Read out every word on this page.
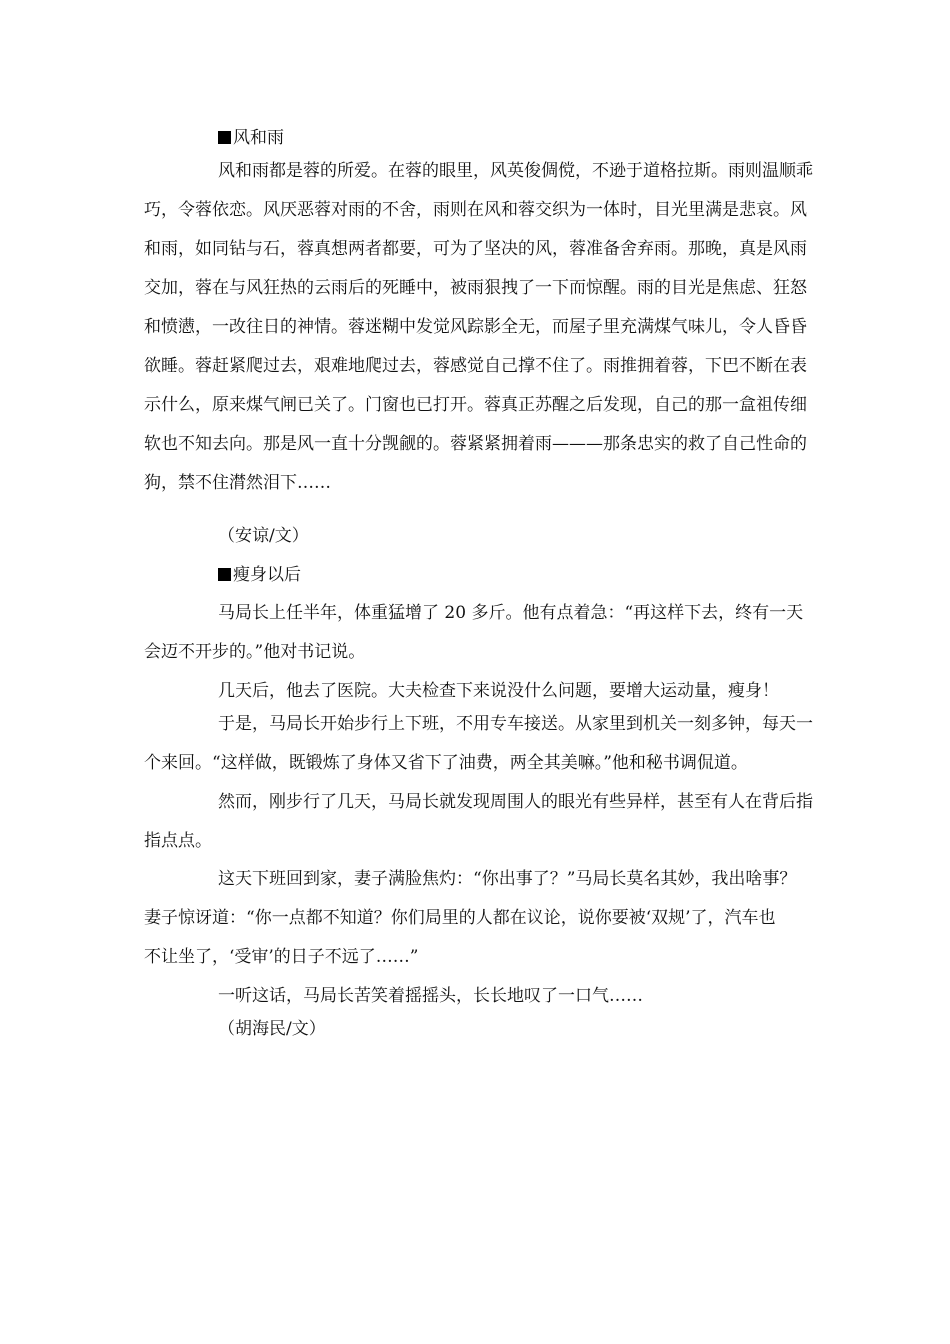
风和雨

风和雨都是蓉的所爱。在蓉的眼里，风英俊倜傥，不逊于道格拉斯。雨则温顺乖

巧，令蓉依恋。风厌恶蓉对雨的不舍，雨则在风和蓉交织为一体时，目光里满是悲哀。风

和雨，如同钻与石，蓉真想两者都要，可为了坚决的风，蓉准备舍弃雨。那晚，真是风雨

交加，蓉在与风狂热的云雨后的死睡中，被雨狠拽了一下而惊醒。雨的目光是焦虑、狂怒

和愤懑，一改往日的神情。蓉迷糊中发觉风踪影全无，而屋子里充满煤气味儿，令人昏昏

欲睡。蓉赶紧爬过去，艰难地爬过去，蓉感觉自己撑不住了。雨推拥着蓉，下巴不断在表

示什么，原来煤气闸已关了。门窗也已打开。蓉真正苏醒之后发现，自己的那一盒祖传细

软也不知去向。那是风一直十分觊觎的。蓉紧紧拥着雨———那条忠实的救了自己性命的

狗，禁不住潸然泪下……

（安谅/文）

瘦身以后

马局长上任半年，体重猛增了 20 多斤。他有点着急：“再这样下去，终有一天

会迈不开步的。”他对书记说。

几天后，他去了医院。大夫检查下来说没什么问题，要增大运动量，瘦身！

于是，马局长开始步行上下班，不用专车接送。从家里到机关一刻多钟，每天一

个来回。“这样做，既锻炼了身体又省下了油费，两全其美嘛。”他和秘书调侃道。

然而，刚步行了几天，马局长就发现周围人的眼光有些异样，甚至有人在背后指

指点点。

这天下班回到家，妻子满脸焦灼：“你出事了？”马局长莫名其妙，我出啥事？

妻子惊讶道：“你一点都不知道？你们局里的人都在议论，说你要被‘双规’了，汽车也

不让坐了，‘受审’的日子不远了……”

一听这话，马局长苦笑着摇摇头，长长地叹了一口气……

（胡海民/文）
